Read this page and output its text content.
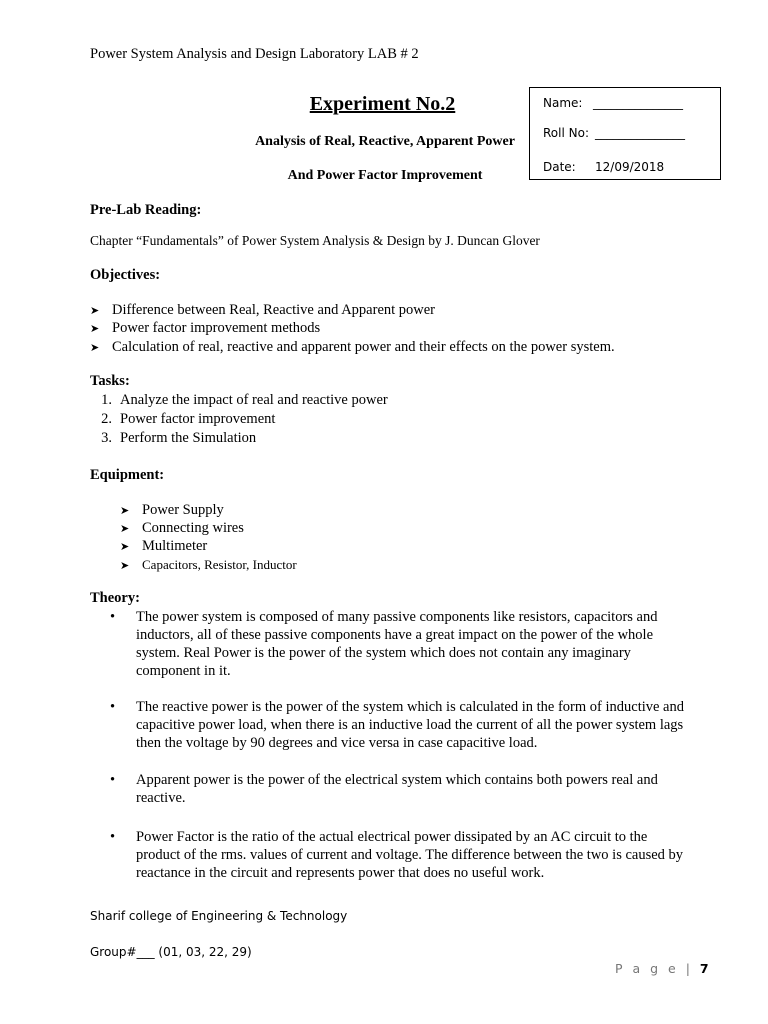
Power System Analysis and Design Laboratory LAB # 2
Experiment No.2
Analysis of Real, Reactive, Apparent Power
And Power Factor Improvement
Name: _______________
Roll No: _______________
Date: 12/09/2018
Pre-Lab Reading:
Chapter “Fundamentals” of Power System Analysis & Design by J. Duncan Glover
Objectives:
➤ Difference between Real, Reactive and Apparent power
➤ Power factor improvement methods
➤ Calculation of real, reactive and apparent power and their effects on the power system.
Tasks:
1. Analyze the impact of real and reactive power
2. Power factor improvement
3. Perform the Simulation
Equipment:
➤ Power Supply
➤ Connecting wires
➤ Multimeter
➤ Capacitors, Resistor, Inductor
Theory:
• The power system is composed of many passive components like resistors, capacitors and inductors, all of these passive components have a great impact on the power of the whole system. Real Power is the power of the system which does not contain any imaginary component in it.
• The reactive power is the power of the system which is calculated in the form of inductive and capacitive power load, when there is an inductive load the current of all the power system lags then the voltage by 90 degrees and vice versa in case capacitive load.
• Apparent power is the power of the electrical system which contains both powers real and reactive.
• Power Factor is the ratio of the actual electrical power dissipated by an AC circuit to the product of the rms. values of current and voltage. The difference between the two is caused by reactance in the circuit and represents power that does no useful work.
Sharif college of Engineering & Technology
Group#___ (01, 03, 22, 29)
P a g e | 7
